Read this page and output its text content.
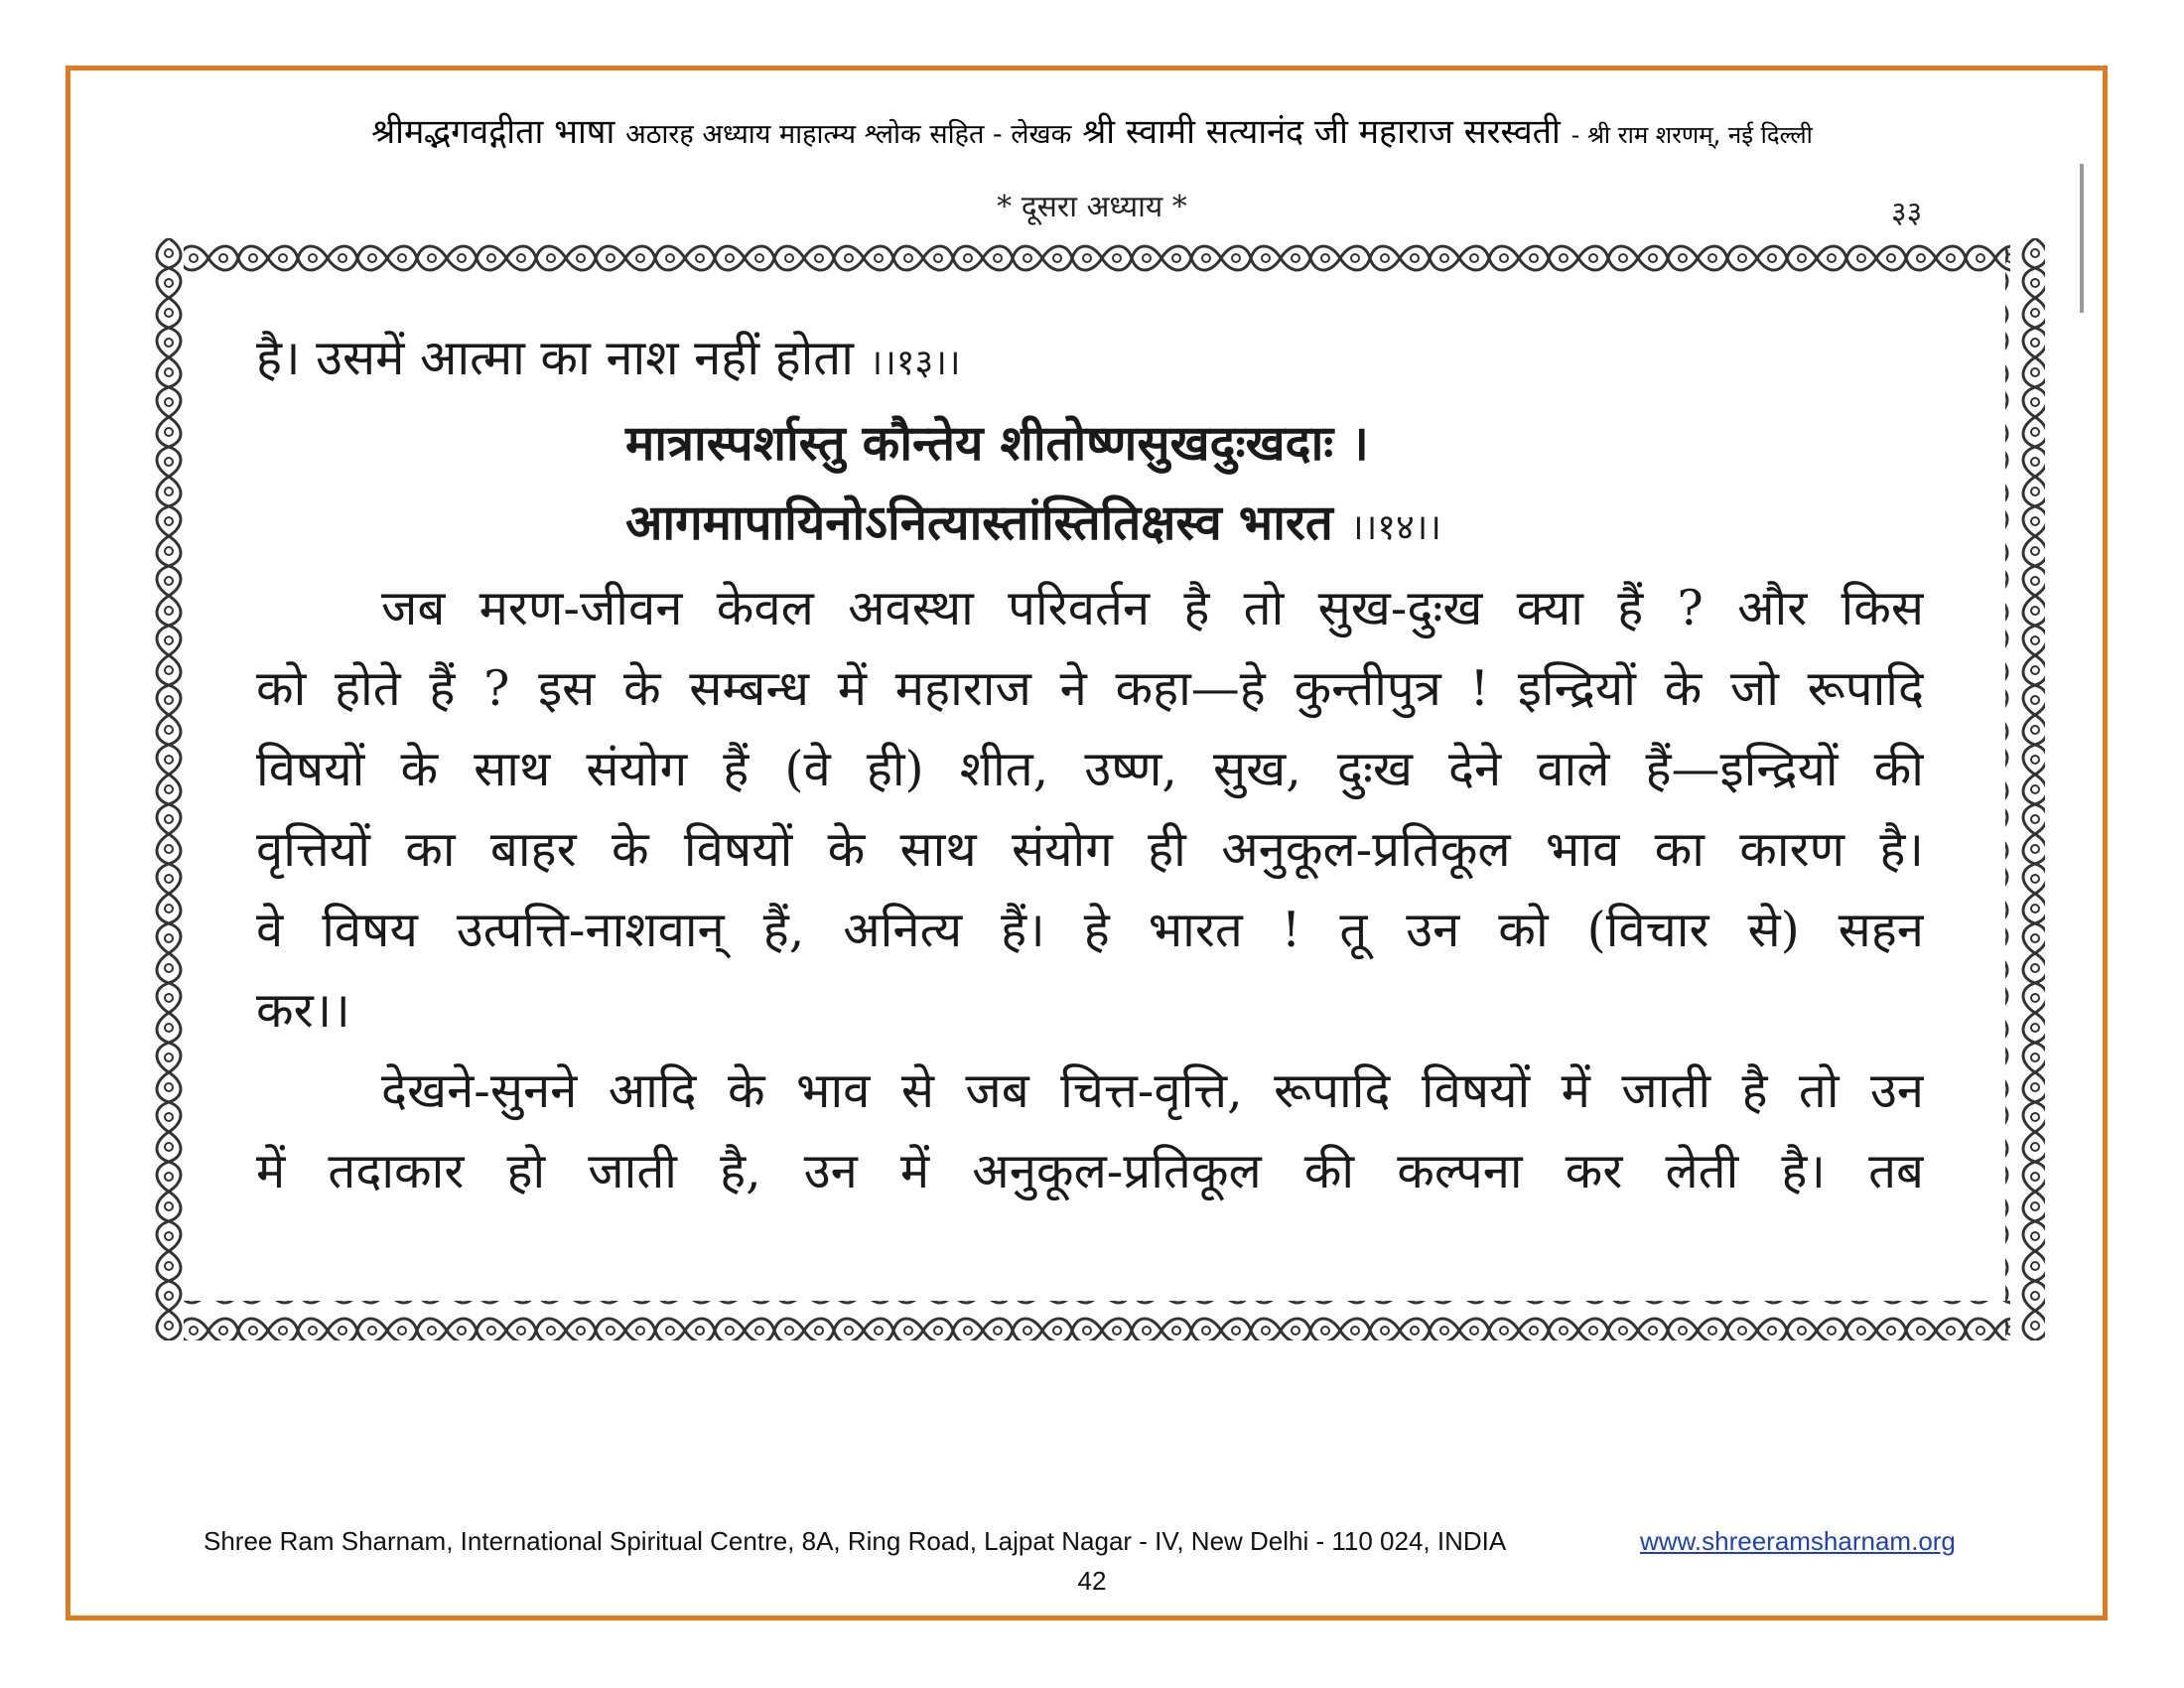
श्रीमद्भगवद्गीता भाषा अठारह अध्याय माहात्म्य श्लोक सहित - लेखक श्री स्वामी सत्यानंद जी महाराज सरस्वती - श्री राम शरणम्, नई दिल्ली
* दूसरा अध्याय *	३३
है। उसमें आत्मा का नाश नहीं होता ।।१३।।
मात्रास्पर्शास्तु कौन्तेय शीतोष्णसुखदुःखदाः ।
आगमापायिनोऽनित्यास्तांस्तितिक्षस्व भारत ।।१४।।
जब मरण-जीवन केवल अवस्था परिवर्तन है तो सुख-दुःख क्या हैं ? और किस
को होते हैं ? इस के सम्बन्ध में महाराज ने कहा—हे कुन्तीपुत्र ! इन्द्रियों के जो रूपादि
विषयों के साथ संयोग हैं (वे ही) शीत, उष्ण, सुख, दुःख देने वाले हैं—इन्द्रियों की
वृत्तियों का बाहर के विषयों के साथ संयोग ही अनुकूल-प्रतिकूल भाव का कारण है।
वे विषय उत्पत्ति-नाशवान् हैं, अनित्य हैं। हे भारत ! तू उन को (विचार से) सहन
कर।।
देखने-सुनने आदि के भाव से जब चित्त-वृत्ति, रूपादि विषयों में जाती है तो उन
में तदाकार हो जाती है, उन में अनुकूल-प्रतिकूल की कल्पना कर लेती है। तब
Shree Ram Sharnam, International Spiritual Centre, 8A, Ring Road, Lajpat Nagar - IV, New Delhi - 110 024, INDIA	www.shreeramsharnam.org
42
